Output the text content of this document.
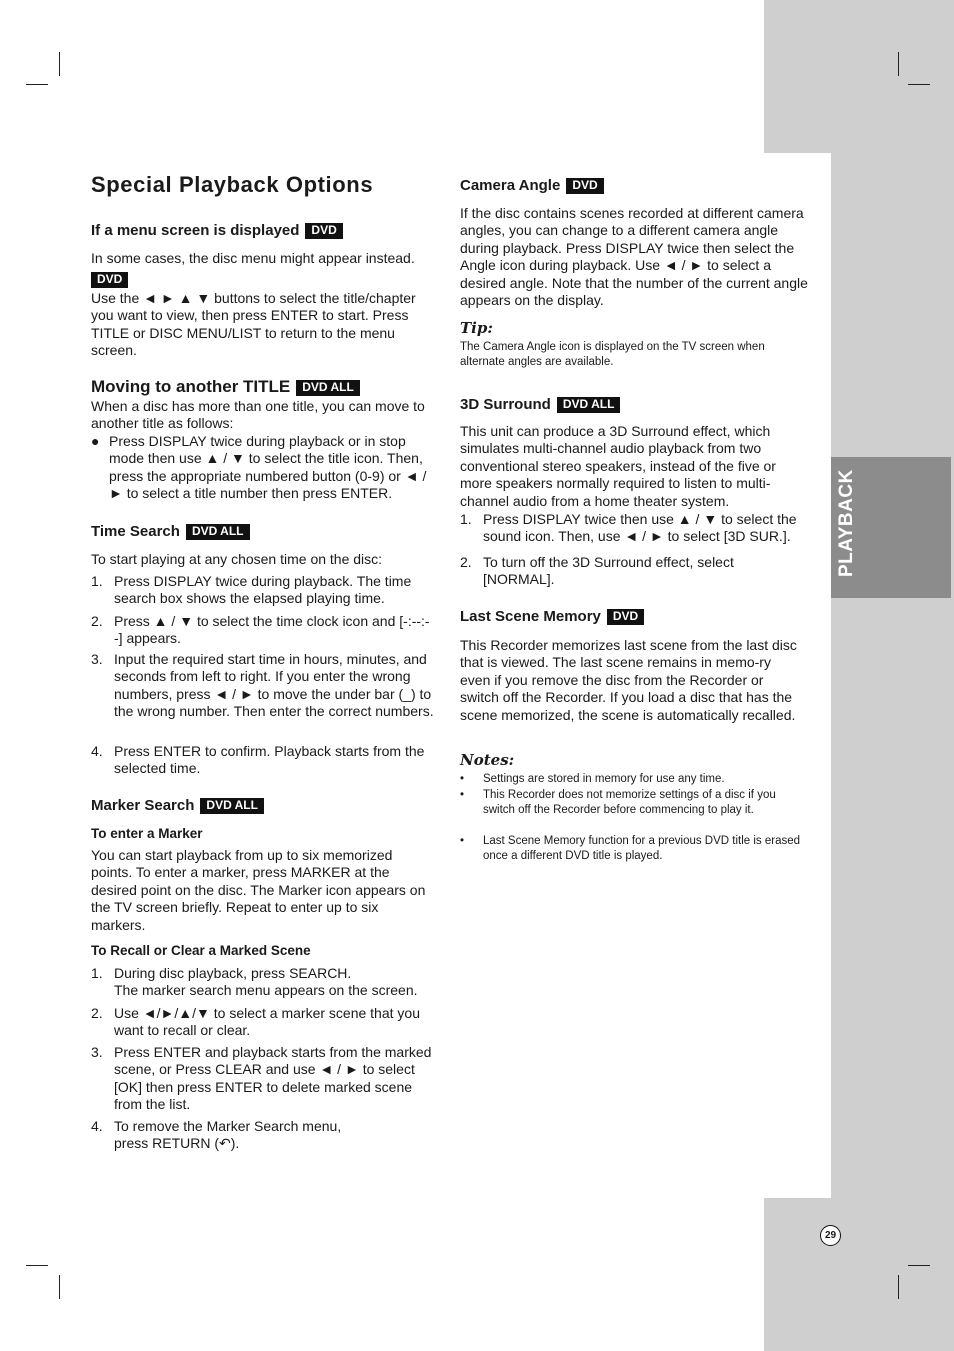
PLAYBACK
29
Special Playback Options
If a menu screen is displayed DVD

In some cases, the disc menu might appear instead.

DVD

Use the ◄ ► ▲ ▼ buttons to select the title/chapter you want to view, then press ENTER to start. Press TITLE or DISC MENU/LIST to return to the menu screen.

Moving to another TITLE DVD ALL

When a disc has more than one title, you can move to another title as follows:

● Press DISPLAY twice during playback or in stop mode then use ▲ / ▼ to select the title icon. Then, press the appropriate numbered button (0-9) or ◄ / ► to select a title number then press ENTER.
Time Search DVD ALL

To start playing at any chosen time on the disc:

1. Press DISPLAY twice during playback. The time search box shows the elapsed playing time.
2. Press ▲ / ▼ to select the time clock icon and [-:--:--] appears.
3. Input the required start time in hours, minutes, and seconds from left to right. If you enter the wrong numbers, press ◄ / ► to move the under bar (_) to the wrong number. Then enter the correct numbers.
4. Press ENTER to confirm. Playback starts from the selected time.
Marker Search DVD ALL
To enter a Marker

You can start playback from up to six memorized points. To enter a marker, press MARKER at the desired point on the disc. The Marker icon appears on the TV screen briefly. Repeat to enter up to six markers.

To Recall or Clear a Marked Scene
1. During disc playback, press SEARCH.
The marker search menu appears on the screen.
2. Use ◄/►/▲/▼ to select a marker scene that you want to recall or clear.
3. Press ENTER and playback starts from the marked scene, or Press CLEAR and use ◄ / ► to select [OK] then press ENTER to delete marked scene from the list.
4. To remove the Marker Search menu,
press RETURN (↶).
Camera Angle DVD

If the disc contains scenes recorded at different camera angles, you can change to a different camera angle during playback. Press DISPLAY twice then select the Angle icon during playback. Use ◄ / ► to select a desired angle. Note that the number of the current angle appears on the display.

Tip:

The Camera Angle icon is displayed on the TV screen when alternate angles are available.

3D Surround DVD ALL

This unit can produce a 3D Surround effect, which simulates multi-channel audio playback from two conventional stereo speakers, instead of the five or more speakers normally required to listen to multi-channel audio from a home theater system.

1. Press DISPLAY twice then use ▲ / ▼ to select the sound icon. Then, use ◄ / ► to select [3D SUR.].
2. To turn off the 3D Surround effect, select [NORMAL].
Last Scene Memory DVD

This Recorder memorizes last scene from the last disc that is viewed. The last scene remains in memo-ry even if you remove the disc from the Recorder or switch off the Recorder. If you load a disc that has the scene memorized, the scene is automatically recalled.

Notes:

• Settings are stored in memory for use any time.
• This Recorder does not memorize settings of a disc if you switch off the Recorder before commencing to play it.
• Last Scene Memory function for a previous DVD title is erased once a different DVD title is played.
